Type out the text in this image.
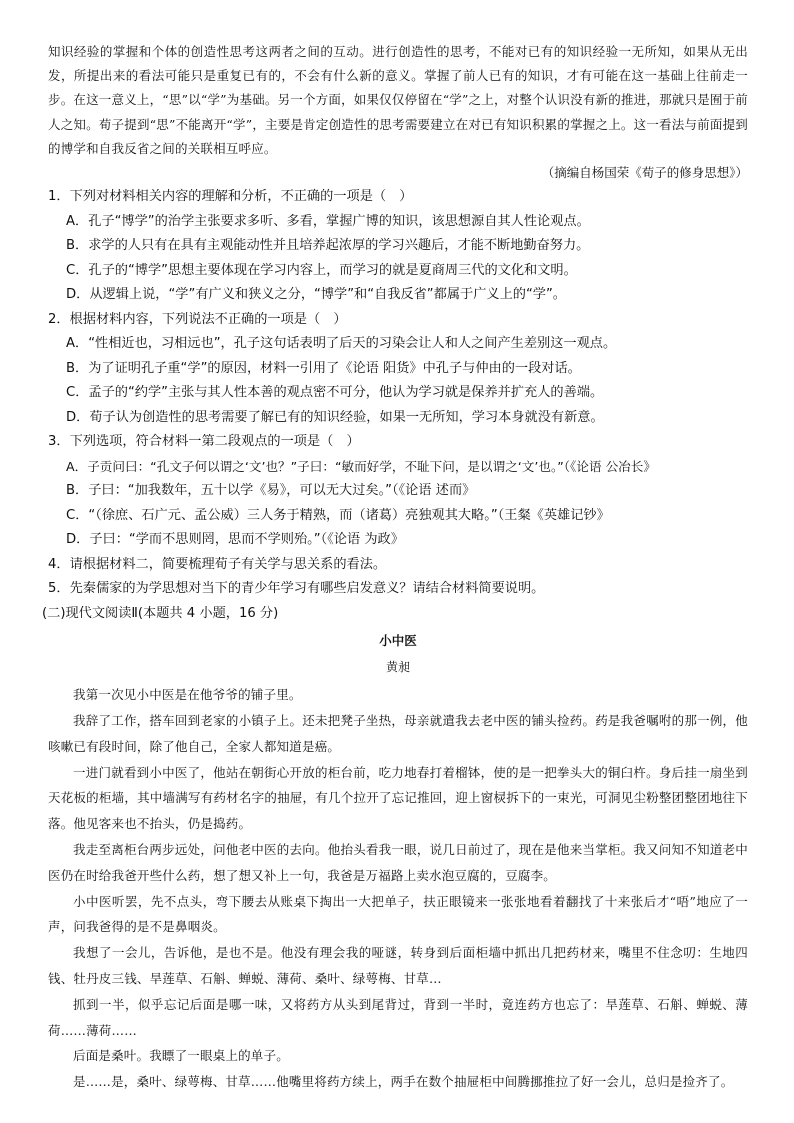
知识经验的掌握和个体的创造性思考这两者之间的互动。进行创造性的思考，不能对已有的知识经验一无所知，如果从无出发，所提出来的看法可能只是重复已有的，不会有什么新的意义。掌握了前人已有的知识，才有可能在这一基础上往前走一步。在这一意义上，“思”以“学”为基础。另一个方面，如果仅仅停留在“学”之上，对整个认识没有新的推进，那就只是囿于前人之知。荀子提到“思”不能离开“学”，主要是肯定创造性的思考需要建立在对已有知识积累的掌握之上。这一看法与前面提到的博学和自我反省之间的关联相互呼应。

（摘编自杨国荣《荀子的修身思想》）

1．下列对材料相关内容的理解和分析，不正确的一项是（　）

A．孔子“博学”的治学主张要求多听、多看，掌握广博的知识，该思想源自其人性论观点。

B．求学的人只有在具有主观能动性并且培养起浓厚的学习兴趣后，才能不断地勤奋努力。

C．孔子的“博学”思想主要体现在学习内容上，而学习的就是夏商周三代的文化和文明。

D．从逻辑上说，“学”有广义和狭义之分，“博学”和“自我反省”都属于广义上的“学”。

2．根据材料内容，下列说法不正确的一项是（　）

A．“性相近也，习相远也”，孔子这句话表明了后天的习染会让人和人之间产生差别这一观点。

B．为了证明孔子重“学”的原因，材料一引用了《论语 阳货》中孔子与仲由的一段对话。

C．孟子的“约学”主张与其人性本善的观点密不可分，他认为学习就是保养并扩充人的善端。

D．荀子认为创造性的思考需要了解已有的知识经验，如果一无所知，学习本身就没有新意。

3．下列选项，符合材料一第二段观点的一项是（　）

A．子贡问曰：“孔文子何以谓之‘文’也？”子曰：“敏而好学，不耻下问，是以谓之‘文’也。”（《论语 公冶长》

B．子曰：“加我数年，五十以学《易》，可以无大过矣。”（《论语 述而》

C．“（徐庶、石广元、孟公威）三人务于精熟，而（诸葛）亮独观其大略。”（王粲《英雄记钞》

D．子曰：“学而不思则罔，思而不学则殆。”（《论语 为政》

4．请根据材料二，简要梳理荀子有关学与思关系的看法。

5．先秦儒家的为学思想对当下的青少年学习有哪些启发意义？请结合材料简要说明。

(二)现代文阅读Ⅱ(本题共 4 小题，16 分)

小中医

黄昶

我第一次见小中医是在他爷爷的铺子里。

我辞了工作，搭车回到老家的小镇子上。还未把凳子坐热，母亲就遣我去老中医的铺头捡药。药是我爸嘱咐的那一例，他咳嗽已有段时间，除了他自己，全家人都知道是癌。

一进门就看到小中医了，他站在朝街心开放的柜台前，吃力地春打着榴钵，使的是一把拳头大的铜臼杵。身后挂一扇坐到天花板的柜墙，其中墙满写有药材名字的抽屉，有几个拉开了忘记推回，迎上窗棂拆下的一束光，可洞见尘粉整团整团地往下落。他见客来也不抬头，仍是捣药。

我走至离柜台两步远处，问他老中医的去向。他抬头看我一眼，说几日前过了，现在是他来当掌柜。我又问知不知道老中医仍在时给我爸开些什么药，想了想又补上一句，我爸是万福路上卖水泡豆腐的，豆腐李。

小中医听罢，先不点头，弯下腰去从账桌下掏出一大把单子，扶正眼镜来一张张地看着翻找了十来张后才“唔”地应了一声，问我爸得的是不是鼻咽炎。

我想了一会儿，告诉他，是也不是。他没有理会我的哑谜，转身到后面柜墙中抓出几把药材来，嘴里不住念叨：生地四钱、牡丹皮三钱、旱莲草、石斛、蝉蜕、薄荷、桑叶、绿萼梅、甘草…

抓到一半，似乎忘记后面是哪一味，又将药方从头到尾背过，背到一半时，竟连药方也忘了：旱莲草、石斛、蝉蜕、薄荷……薄荷……

后面是桑叶。我瞟了一眼桌上的单子。

是……是，桑叶、绿萼梅、甘草……他嘴里将药方续上，两手在数个抽屉柜中间腾挪推拉了好一会儿，总归是捡齐了。
